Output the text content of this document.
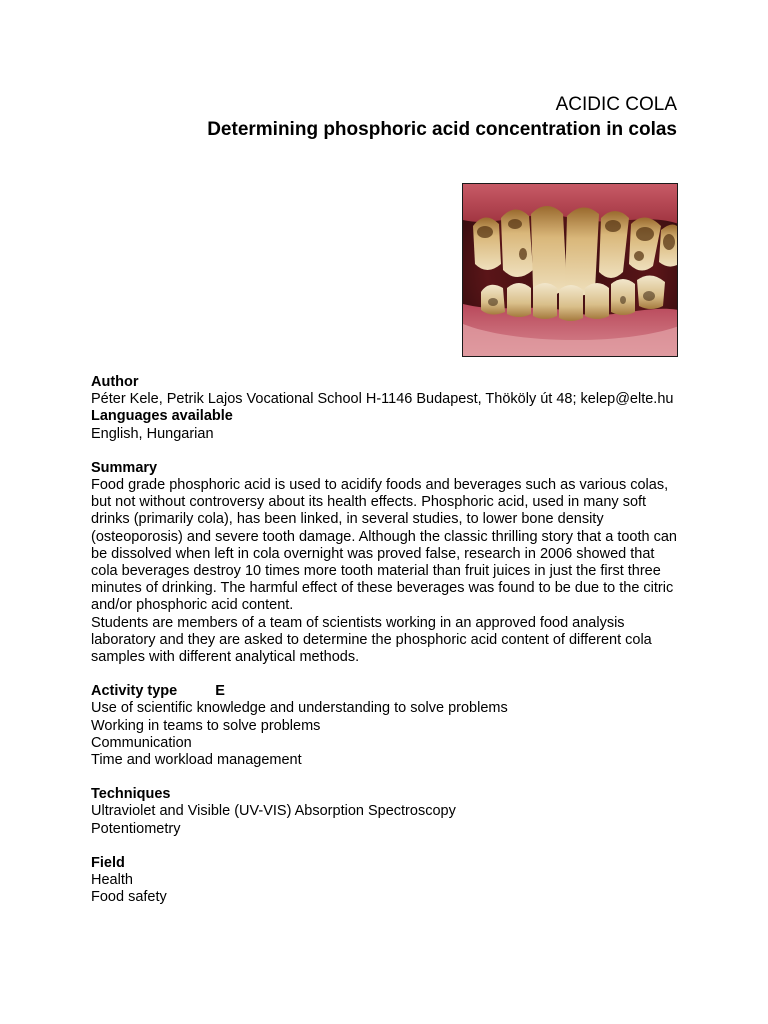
ACIDIC COLA
Determining phosphoric acid concentration in colas

Author

Péter Kele, Petrik Lajos Vocational School H-1146 Budapest, Thököly út 48; kelep@elte.hu

Languages available

English, Hungarian

Summary

Food grade phosphoric acid is used to acidify foods and beverages such as various colas, but not without controversy about its health effects. Phosphoric acid, used in many soft drinks (primarily cola), has been linked, in several studies, to lower bone density (osteoporosis) and severe tooth damage. Although the classic thrilling story that a tooth can be dissolved when left in cola overnight was proved false, research in 2006 showed that cola beverages destroy 10 times more tooth material than fruit juices in just the first three minutes of drinking. The harmful effect of these beverages was found to be due to the citric and/or phosphoric acid content.

Students are members of a team of scientists working in an approved food analysis laboratory and they are asked to determine the phosphoric acid content of different cola samples with different analytical methods.

Activity type	E

Use of scientific knowledge and understanding to solve problems

Working in teams to solve problems

Communication

Time and workload management

Techniques

Ultraviolet and Visible (UV-VIS) Absorption Spectroscopy

Potentiometry

Field

Health

Food safety
